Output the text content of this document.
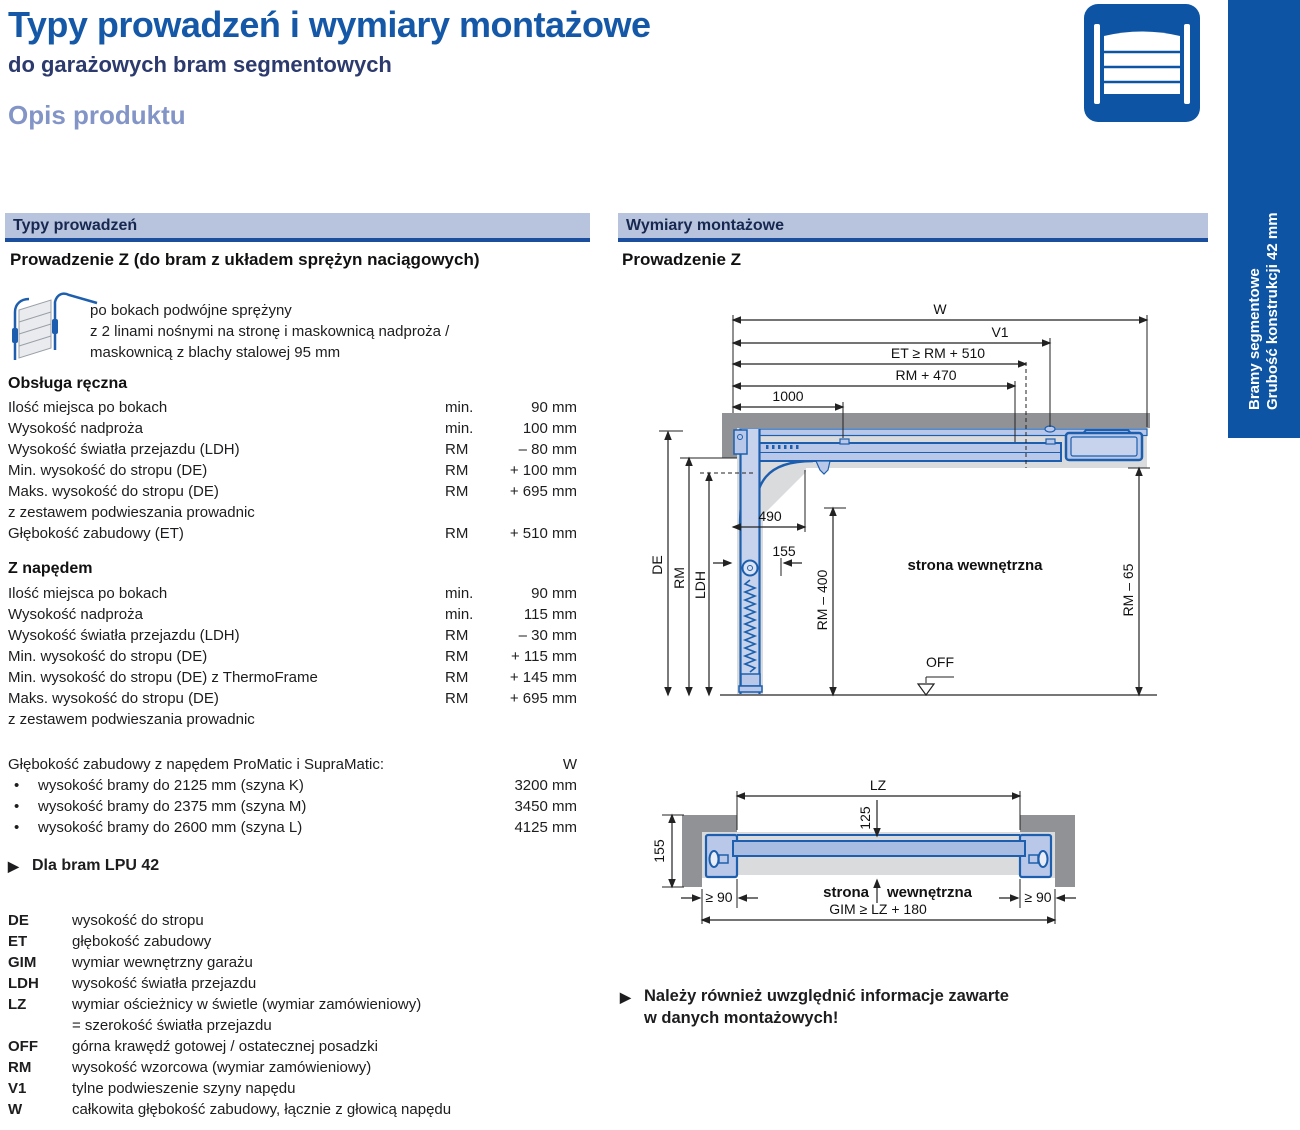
Typy prowadzeń i wymiary montażowe
do garażowych bram segmentowych
Opis produktu
Bramy segmentowe Grubość konstrukcji 42 mm
Typy prowadzeń
Prowadzenie Z (do bram z układem sprężyn naciągowych)
po bokach podwójne sprężyny
z 2 linami nośnymi na stronę i maskownicą nadproża /
maskownicą z blachy stalowej 95 mm
Obsługa ręczna
Ilość miejsca po bokach	min.	90 mm
Wysokość nadproża	min.	100 mm
Wysokość światła przejazdu (LDH)	RM	– 80 mm
Min. wysokość do stropu (DE)	RM	+ 100 mm
Maks. wysokość do stropu (DE)	RM	+ 695 mm
z zestawem podwieszania prowadnic
Głębokość zabudowy (ET)	RM	+ 510 mm
Z napędem
Ilość miejsca po bokach	min.	90 mm
Wysokość nadproża	min.	115 mm
Wysokość światła przejazdu (LDH)	RM	– 30 mm
Min. wysokość do stropu (DE)	RM	+ 115 mm
Min. wysokość do stropu (DE) z ThermoFrame	RM	+ 145 mm
Maks. wysokość do stropu (DE)	RM	+ 695 mm
z zestawem podwieszania prowadnic
Głębokość zabudowy z napędem ProMatic i SupraMatic:	W
•	wysokość bramy do 2125 mm (szyna K)	3200 mm
•	wysokość bramy do 2375 mm (szyna M)	3450 mm
•	wysokość bramy do 2600 mm (szyna L)	4125 mm
▶ Dla bram LPU 42
DE	wysokość do stropu
ET	głębokość zabudowy
GIM	wymiar wewnętrzny garażu
LDH	wysokość światła przejazdu
LZ	wymiar ościeżnicy w świetle (wymiar zamówieniowy)
= szerokość światła przejazdu
OFF	górna krawędź gotowej / ostatecznej posadzki
RM	wysokość wzorcowa (wymiar zamówieniowy)
V1	tylne podwieszenie szyny napędu
W	całkowita głębokość zabudowy, łącznie z głowicą napędu
Wymiary montażowe
Prowadzenie Z
W
V1
ET ≥ RM + 510
RM + 470
1000
DE
RM LDH
490
155
RM – 400	RM – 65
strona wewnętrzna
OFF
LZ
125
155
strona wewnętrzna
≥ 90	≥ 90
GIM ≥ LZ + 180
▶ Należy również uwzględnić informacje zawarte
w danych montażowych!
